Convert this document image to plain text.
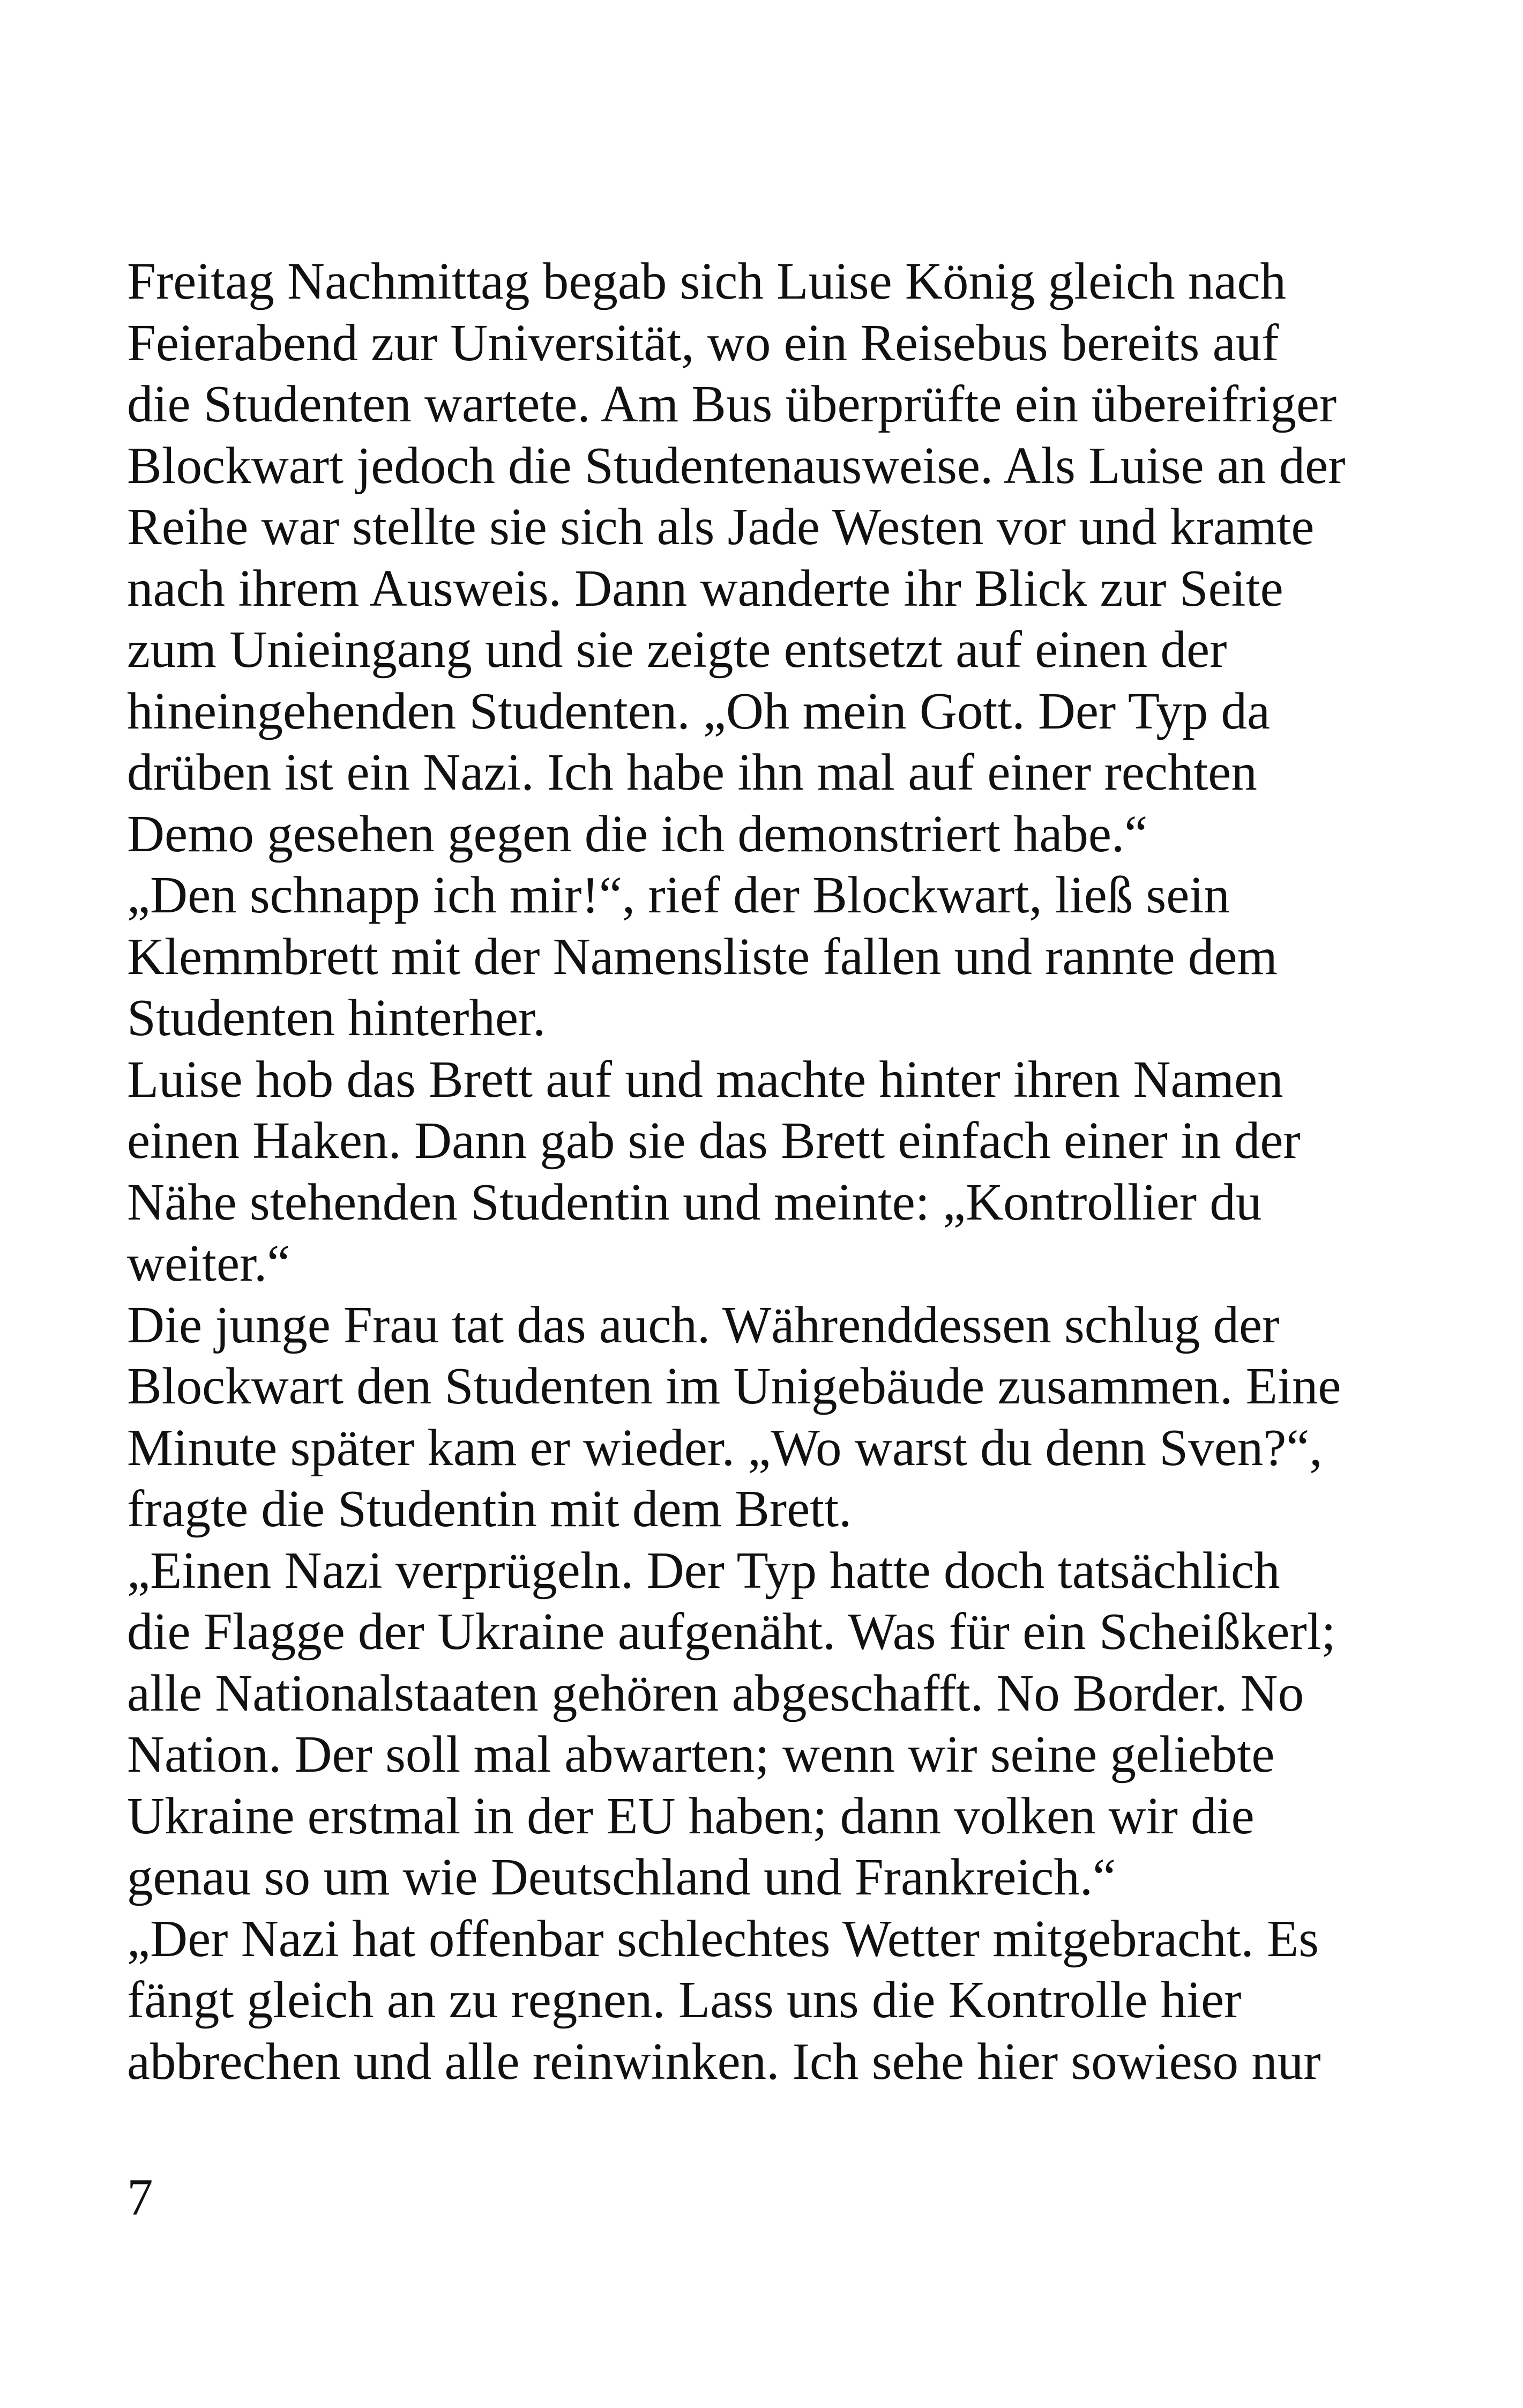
Freitag Nachmittag begab sich Luise König gleich nach
Feierabend zur Universität, wo ein Reisebus bereits auf
die Studenten wartete. Am Bus überprüfte ein übereifriger
Blockwart jedoch die Studentenausweise. Als Luise an der
Reihe war stellte sie sich als Jade Westen vor und kramte
nach ihrem Ausweis. Dann wanderte ihr Blick zur Seite
zum Unieingang und sie zeigte entsetzt auf einen der
hineingehenden Studenten. „Oh mein Gott. Der Typ da
drüben ist ein Nazi. Ich habe ihn mal auf einer rechten
Demo gesehen gegen die ich demonstriert habe.“
„Den schnapp ich mir!“, rief der Blockwart, ließ sein
Klemmbrett mit der Namensliste fallen und rannte dem
Studenten hinterher.
Luise hob das Brett auf und machte hinter ihren Namen
einen Haken. Dann gab sie das Brett einfach einer in der
Nähe stehenden Studentin und meinte: „Kontrollier du
weiter.“
Die junge Frau tat das auch. Währenddessen schlug der
Blockwart den Studenten im Unigebäude zusammen. Eine
Minute später kam er wieder. „Wo warst du denn Sven?“,
fragte die Studentin mit dem Brett.
„Einen Nazi verprügeln. Der Typ hatte doch tatsächlich
die Flagge der Ukraine aufgenäht. Was für ein Scheißkerl;
alle Nationalstaaten gehören abgeschafft. No Border. No
Nation. Der soll mal abwarten; wenn wir seine geliebte
Ukraine erstmal in der EU haben; dann volken wir die
genau so um wie Deutschland und Frankreich.“
„Der Nazi hat offenbar schlechtes Wetter mitgebracht. Es
fängt gleich an zu regnen. Lass uns die Kontrolle hier
abbrechen und alle reinwinken. Ich sehe hier sowieso nur
7
